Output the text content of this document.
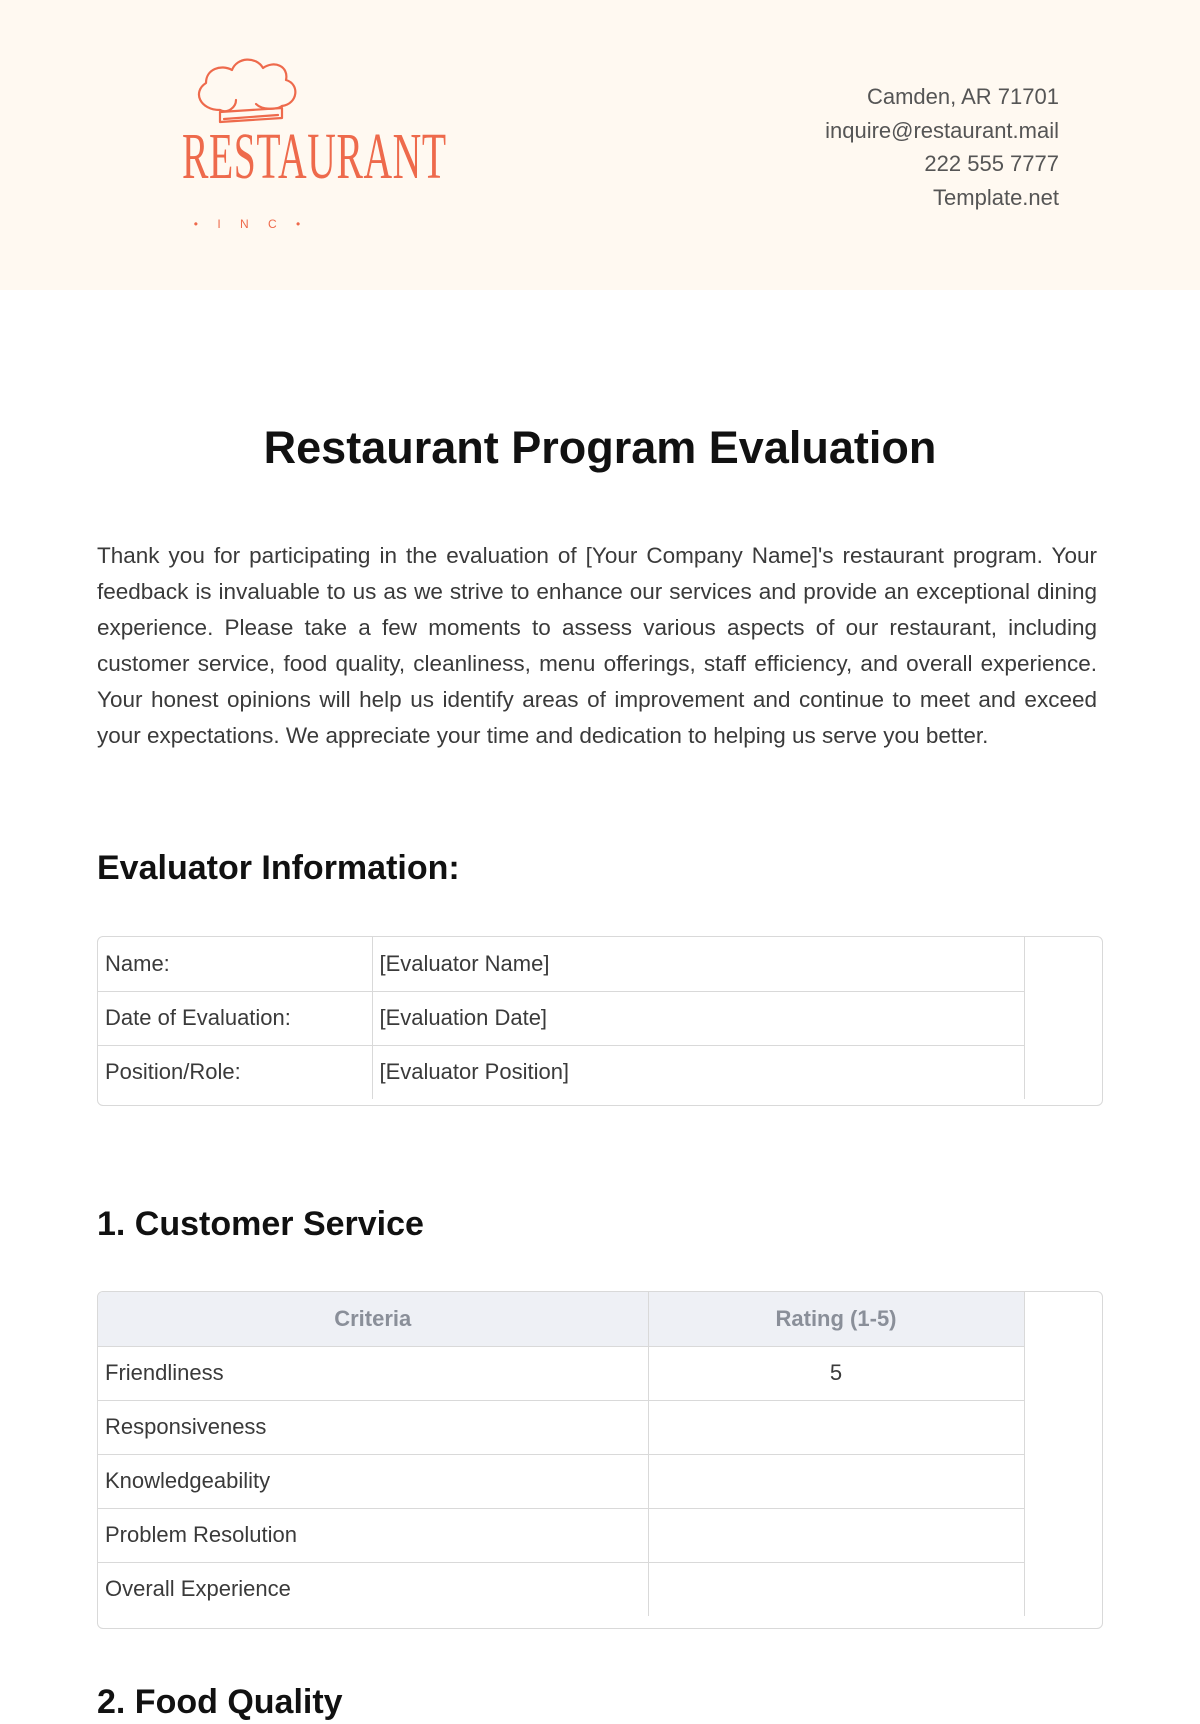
RESTAURANT
• I N C •
Camden, AR 71701
inquire@restaurant.mail
222 555 7777
Template.net
Restaurant Program Evaluation

Thank you for participating in the evaluation of [Your Company Name]'s restaurant program. Your feedback is invaluable to us as we strive to enhance our services and provide an exceptional dining experience. Please take a few moments to assess various aspects of our restaurant, including customer service, food quality, cleanliness, menu offerings, staff efficiency, and overall experience. Your honest opinions will help us identify areas of improvement and continue to meet and exceed your expectations. We appreciate your time and dedication to helping us serve you better.

Evaluator Information:
Name:	[Evaluator Name]
Date of Evaluation:	[Evaluation Date]
Position/Role:	[Evaluator Position]
1. Customer Service
Criteria	Rating (1-5)
Friendliness	5
Responsiveness	
Knowledgeability	
Problem Resolution	
Overall Experience	
2. Food Quality
